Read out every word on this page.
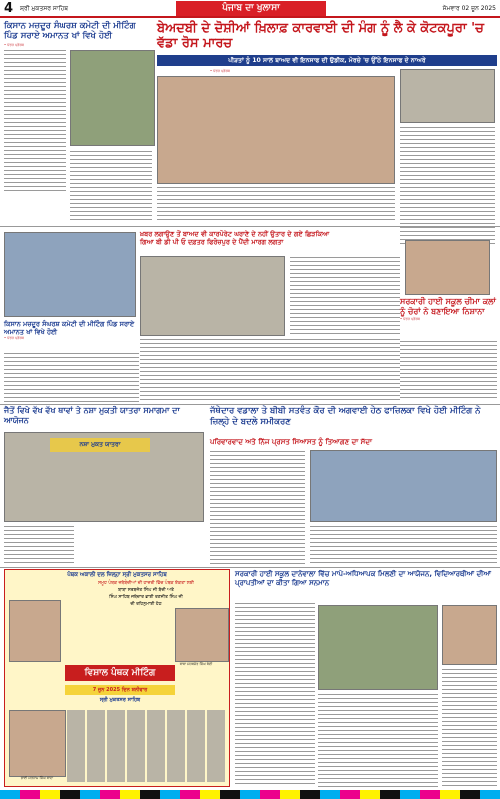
4 ਸ਼੍ਰੀ ਮੁਕਤਸਰ ਸਾਹਿਬ	ਪੰਜਾਬ ਦਾ ਖੁਲਾਸਾ	ਸੋਮਵਾਰ 02 ਜੂਨ 2025
ਕਿਸਾਨ ਮਜ਼ਦੂਰ ਸੰਘਰਸ਼ ਕਮੇਟੀ ਦੀ ਮੀਟਿੰਗ ਪਿੰਡ ਸਰਾਏ ਅਮਾਨਤ ਖਾਂ ਵਿਖੇ ਹੋਈ
• ਪੱਤਰ ਪ੍ਰੇਰਕ
ਬੇਅਦਬੀ ਦੇ ਦੋਸ਼ੀਆਂ ਖ਼ਿਲਾਫ਼ ਕਾਰਵਾਈ ਦੀ ਮੰਗ ਨੂੰ ਲੈ ਕੇ ਕੋਟਕਪੂਰਾ 'ਚ ਵੱਡਾ ਰੋਸ ਮਾਰਚ
ਪੀੜਤਾਂ ਨੂੰ 10 ਸਾਲ ਬਾਅਦ ਵੀ ਇਨਸਾਫ ਦੀ ਉਡੀਕ, ਮੋਰਚੇ 'ਚ ਉੱਠੇ ਇਨਸਾਫ ਦੇ ਨਾਅਰੇ
• ਪੱਤਰ ਪ੍ਰੇਰਕ
ਖ਼ਬਰ ਲਗਾਉਣ ਤੋਂ ਬਾਅਦ ਵੀ ਕਾਰਪੋਰੇਟ ਘਰਾਣੇ ਦੇ ਨਹੀਂ ਉਤਾਰ ਦੇ ਗਏ ਛਿੜਕਿਆ
ਗਿਆ ਬੀ ਡੀ ਪੀ ਓ ਦਫ਼ਤਰ ਫਿਰੋਜ਼ਪੁਰ ਦੇ ਪੈਂਦੀ ਮਾਰਗ ਲਗਤਾ
ਕਿਸਾਨ ਮਜ਼ਦੂਰ ਸੰਘਰਸ਼ ਕਮੇਟੀ ਦੀ ਮੀਟਿੰਗ ਪਿੰਡ ਸਰਾਏ ਅਮਾਨਤ ਖਾਂ ਵਿਖੇ ਹੋਈ
• ਪੱਤਰ ਪ੍ਰੇਰਕ
ਸਰਕਾਰੀ ਹਾਈ ਸਕੂਲ ਚੀਮਾ ਕਲਾਂ ਨੂੰ ਚੋਰਾਂ ਨੇ ਬਣਾਇਆ ਨਿਸ਼ਾਨਾ
• ਪੱਤਰ ਪ੍ਰੇਰਕ
ਜੈਤੋਂ ਵਿਖੇ ਵੱਖ ਵੱਖ ਥਾਵਾਂ ਤੇ ਨਸ਼ਾ ਮੁਕਤੀ ਯਾਤਰਾ ਸਮਾਗਮਾ ਦਾ ਆਯੋਜਨ
ਨਸ਼ਾ ਮੁਕਤ ਯਾਤਰਾ
ਜੱਥੇਦਾਰ ਵਡਾਲਾ ਤੇ ਬੀਬੀ ਸਤਵੰਤ ਕੌਰ ਦੀ ਅਗਵਾਈ ਹੇਠ ਫਾਜ਼ਿਲਕਾ ਵਿਖੇ ਹੋਈ ਮੀਟਿੰਗ ਨੇ ਜ਼ਿਲ੍ਹੇ ਦੇ ਬਦਲੇ ਸਮੀਕਰਣ
ਪਰਿਵਾਰਵਾਦ ਅਤੇ ਨਿੱਜ ਪ੍ਰਸਤ ਸਿਆਸਤ ਨੂੰ ਤਿਆਗਣ ਦਾ ਸੱਦਾ
ਪੰਥਕ ਅਕਾਲੀ ਦਲ ਜ਼ਿਲ੍ਹਾ ਸ੍ਰੀ ਮੁਕਤਸਰ ਸਾਹਿਬ
ਸਮੂਹ ਪੰਥਕ ਜਥੇਬੰਦੀਆਂ ਦੀ ਹਾਜ਼ਰੀ ਵਿੱਚ ਪੰਥਕ ਏਕਤਾ ਲਈ
ਬਾਬਾ ਸਰਬਜੋਤ ਸਿੰਘ ਜੀ ਬੇਦੀ ਅਤੇ
ਸਿੰਘ ਸਾਹਿਬ ਜਥੇਦਾਰ ਭਾਈ ਰਣਜੀਤ ਸਿੰਘ ਜੀ
ਦੀ ਰਹਿਨੁਮਾਈ ਹੇਠ
ਬਾਬਾ ਸਰਬਜੋਤ ਸਿੰਘ ਬੇਦੀ
ਵਿਸ਼ਾਲ ਪੰਥਕ ਮੀਟਿੰਗ
7 ਜੂਨ 2025 ਦਿਨ ਸ਼ਨੀਵਾਰ
ਸ੍ਰੀ ਮੁਕਤਸਰ ਸਾਹਿਬ
ਭਾਈ ਸਤਨਾਮ ਸਿੰਘ ਬਾਵਾ
ਸਰਕਾਰੀ ਹਾਈ ਸਕੂਲ ਦਾਨੇਵਾਲਾ ਵਿੱਚ ਮਾਪੇ-ਅਧਿਆਪਕ ਮਿਲਣੀ ਦਾ ਆਯੋਜਨ, ਵਿਦਿਆਰਥੀਆਂ ਦੀਆਂ ਪ੍ਰਾਪਤੀਆਂ ਦਾ ਕੀਤਾ ਗਿਆ ਸਨਮਾਨ
